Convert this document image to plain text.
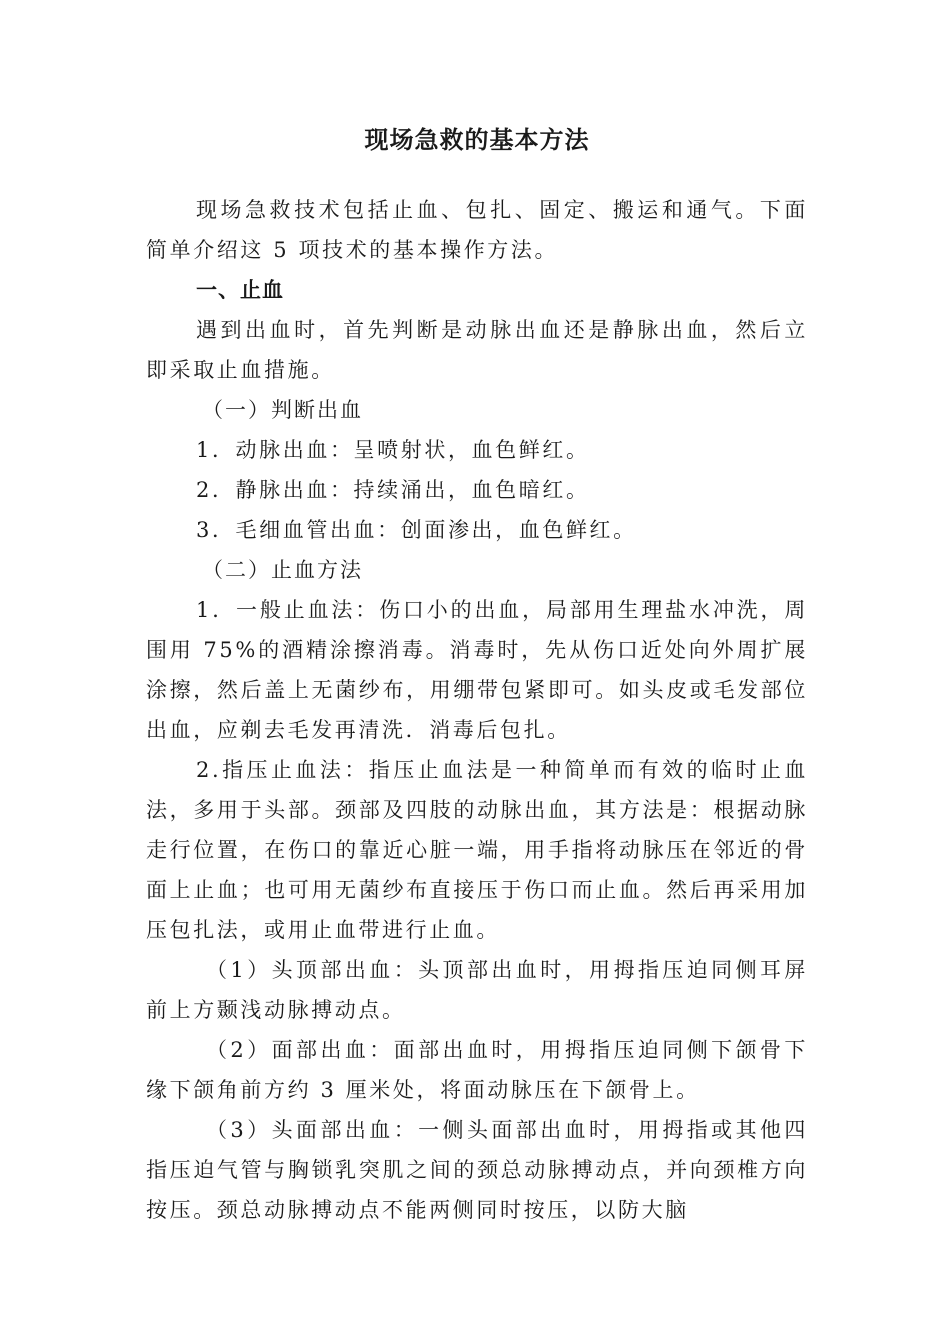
现场急救的基本方法

现场急救技术包括止血、包扎、固定、搬运和通气。下面简单介绍这 5 项技术的基本操作方法。

一、止血

遇到出血时，首先判断是动脉出血还是静脉出血，然后立即采取止血措施。

（一）判断出血

1．动脉出血：呈喷射状，血色鲜红。

2．静脉出血：持续涌出，血色暗红。

3．毛细血管出血：创面渗出，血色鲜红。

（二）止血方法

1．一般止血法：伤口小的出血，局部用生理盐水冲洗，周围用 75%的酒精涂擦消毒。消毒时，先从伤口近处向外周扩展涂擦，然后盖上无菌纱布，用绷带包紧即可。如头皮或毛发部位出血，应剃去毛发再清洗．消毒后包扎。

2.指压止血法：指压止血法是一种简单而有效的临时止血法，多用于头部。颈部及四肢的动脉出血，其方法是：根据动脉走行位置，在伤口的靠近心脏一端，用手指将动脉压在邻近的骨面上止血；也可用无菌纱布直接压于伤口而止血。然后再采用加压包扎法，或用止血带进行止血。

（1）头顶部出血：头顶部出血时，用拇指压迫同侧耳屏前上方颞浅动脉搏动点。

（2）面部出血：面部出血时，用拇指压迫同侧下颌骨下缘下颌角前方约 3 厘米处，将面动脉压在下颌骨上。

（3）头面部出血：一侧头面部出血时，用拇指或其他四指压迫气管与胸锁乳突肌之间的颈总动脉搏动点，并向颈椎方向按压。颈总动脉搏动点不能两侧同时按压，以防大脑
